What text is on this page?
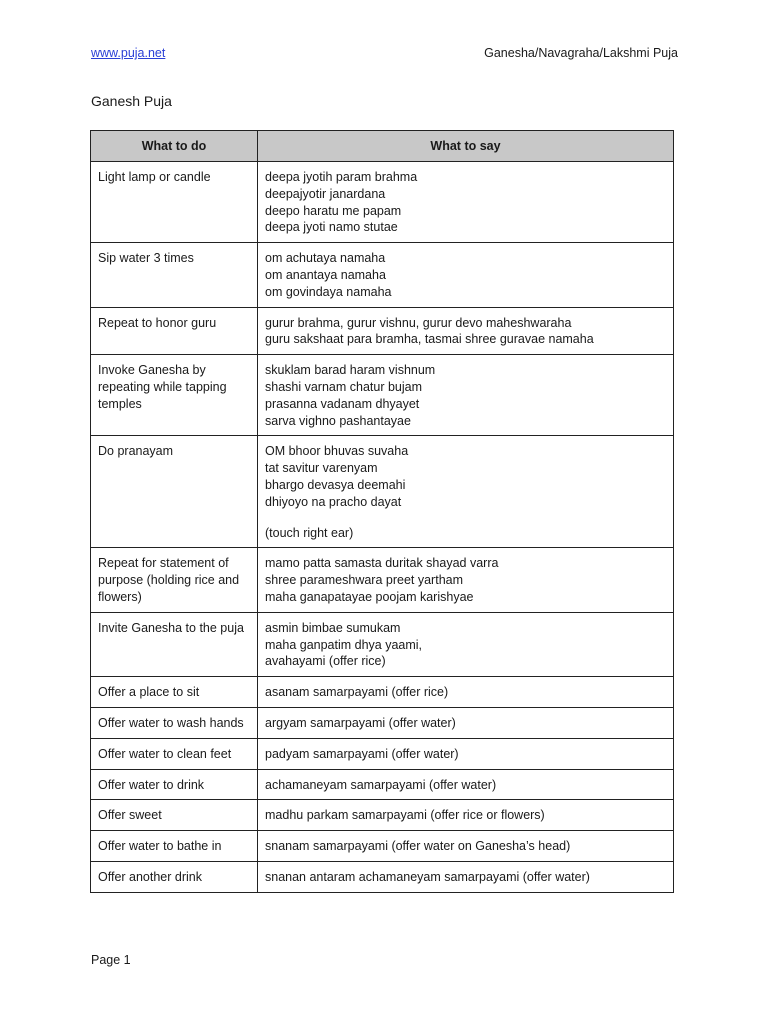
www.puja.net	Ganesha/Navagraha/Lakshmi Puja
Ganesh Puja
What to do	What to say
Light lamp or candle	deepa jyotih param brahma
deepajyotir janardana
deepo haratu me papam
deepa jyoti namo stutae

Sip water 3 times	om achutaya namaha
om anantaya namaha
om govindaya namaha

Repeat to honor guru	gurur brahma, gurur vishnu, gurur devo maheshwaraha
guru sakshaat para bramha, tasmai shree guravae namaha

Invoke Ganesha by repeating while tapping temples	skuklam barad haram vishnum
shashi varnam chatur bujam
prasanna vadanam dhyayet
sarva vighno pashantayae

Do pranayam	OM bhoor bhuvas suvaha
tat savitur varenyam
bhargo devasya deemahi
dhiyoyo na pracho dayat
(touch right ear)

Repeat for statement of purpose (holding rice and flowers)	mamo patta samasta duritak shayad varra
shree parameshwara preet yartham
maha ganapatayae poojam karishyae

Invite Ganesha to the puja	asmin bimbae sumukam
maha ganpatim dhya yaami,
avahayami (offer rice)

Offer a place to sit	asanam samarpayami (offer rice)

Offer water to wash hands	argyam samarpayami (offer water)

Offer water to clean feet	padyam samarpayami (offer water)

Offer water to drink	achamaneyam samarpayami (offer water)

Offer sweet	madhu parkam samarpayami (offer rice or flowers)

Offer water to bathe in	snanam samarpayami (offer water on Ganesha’s head)

Offer another drink	snanan antaram achamaneyam samarpayami (offer water)
Page 1
